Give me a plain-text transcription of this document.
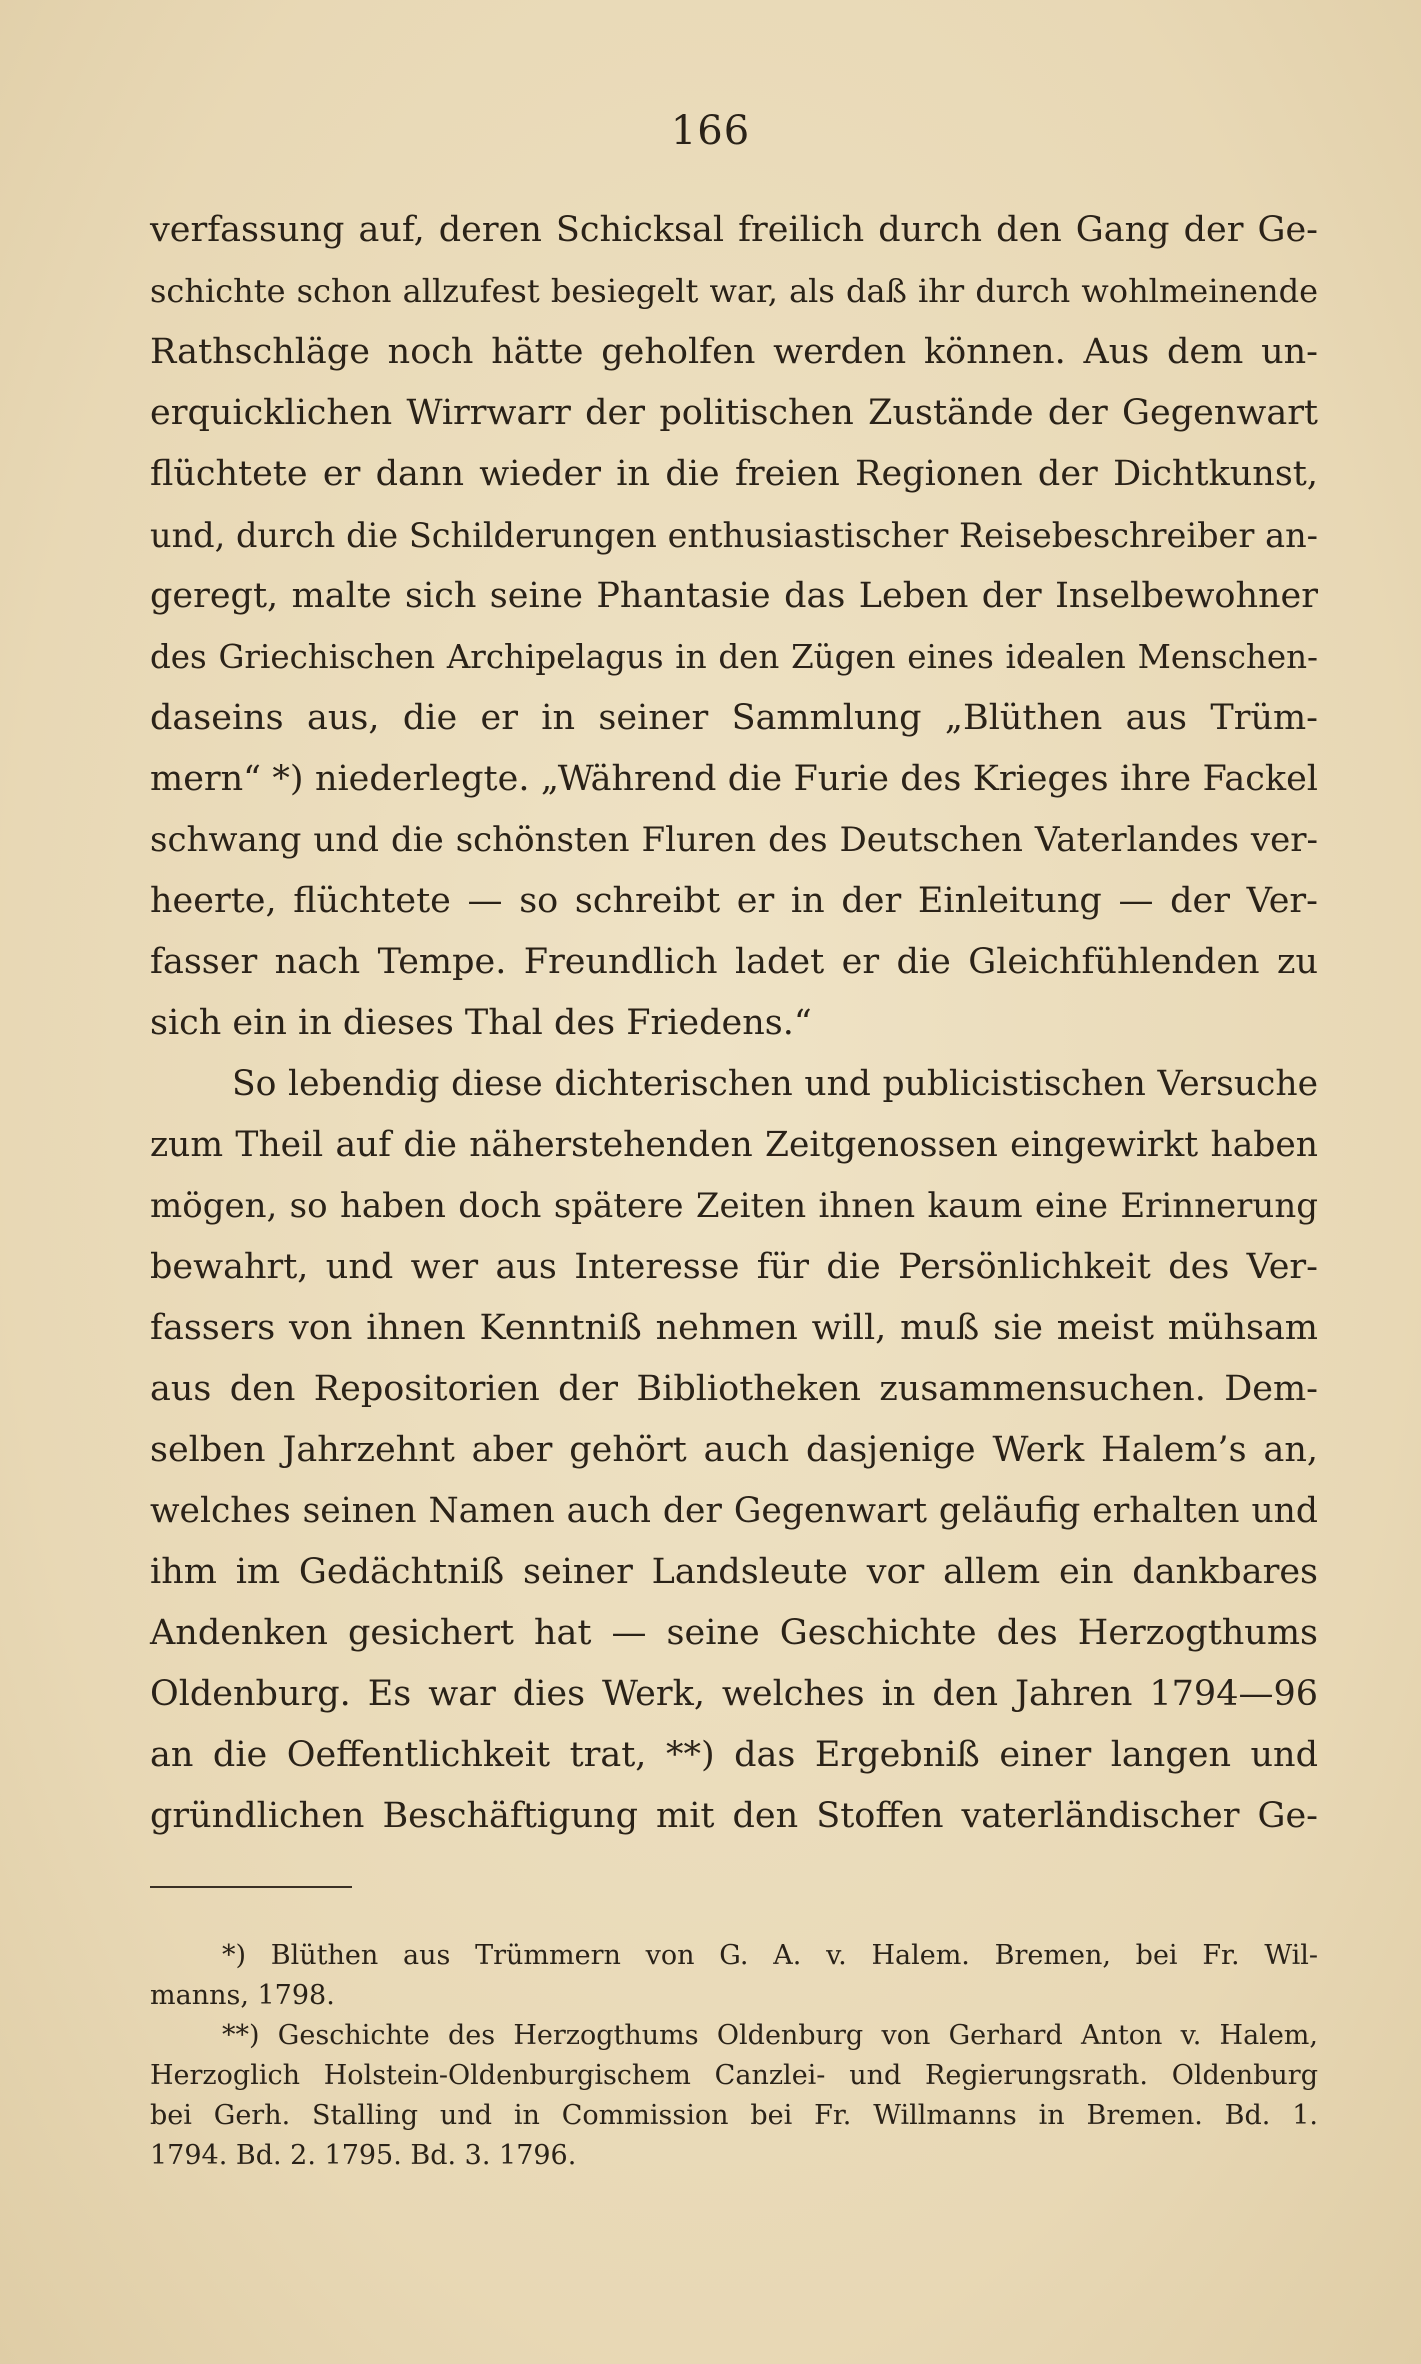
166
verfassung auf, deren Schicksal freilich durch den Gang der Ge-
schichte schon allzufest besiegelt war, als daß ihr durch wohlmeinende
Rathschläge noch hätte geholfen werden können. Aus dem un-
erquicklichen Wirrwarr der politischen Zustände der Gegenwart
flüchtete er dann wieder in die freien Regionen der Dichtkunst,
und, durch die Schilderungen enthusiastischer Reisebeschreiber an-
geregt, malte sich seine Phantasie das Leben der Inselbewohner
des Griechischen Archipelagus in den Zügen eines idealen Menschen-
daseins aus, die er in seiner Sammlung „Blüthen aus Trüm-
mern“ *) niederlegte. „Während die Furie des Krieges ihre Fackel
schwang und die schönsten Fluren des Deutschen Vaterlandes ver-
heerte, flüchtete — so schreibt er in der Einleitung — der Ver-
fasser nach Tempe. Freundlich ladet er die Gleichfühlenden zu
sich ein in dieses Thal des Friedens.“
So lebendig diese dichterischen und publicistischen Versuche
zum Theil auf die näherstehenden Zeitgenossen eingewirkt haben
mögen, so haben doch spätere Zeiten ihnen kaum eine Erinnerung
bewahrt, und wer aus Interesse für die Persönlichkeit des Ver-
fassers von ihnen Kenntniß nehmen will, muß sie meist mühsam
aus den Repositorien der Bibliotheken zusammensuchen. Dem-
selben Jahrzehnt aber gehört auch dasjenige Werk Halem’s an,
welches seinen Namen auch der Gegenwart geläufig erhalten und
ihm im Gedächtniß seiner Landsleute vor allem ein dankbares
Andenken gesichert hat — seine Geschichte des Herzogthums
Oldenburg. Es war dies Werk, welches in den Jahren 1794—96
an die Oeffentlichkeit trat, **) das Ergebniß einer langen und
gründlichen Beschäftigung mit den Stoffen vaterländischer Ge-
*) Blüthen aus Trümmern von G. A. v. Halem. Bremen, bei Fr. Wil-
manns, 1798.
**) Geschichte des Herzogthums Oldenburg von Gerhard Anton v. Halem,
Herzoglich Holstein-Oldenburgischem Canzlei- und Regierungsrath. Oldenburg
bei Gerh. Stalling und in Commission bei Fr. Willmanns in Bremen. Bd. 1.
1794. Bd. 2. 1795. Bd. 3. 1796.
